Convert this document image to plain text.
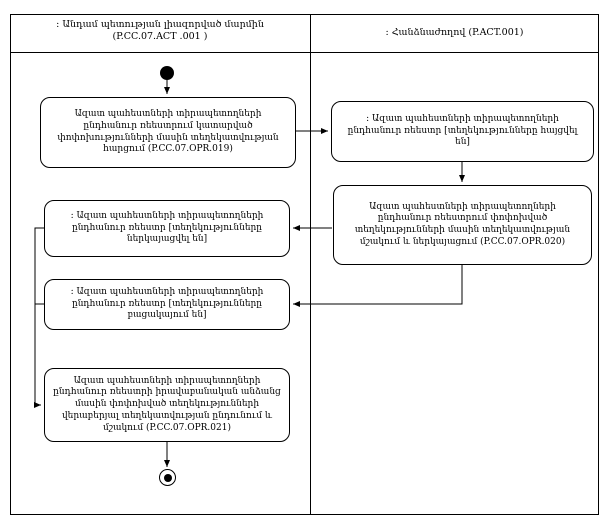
: Անդամ պետության լիազորված մարմին
(P.CC.07.ACT .001 )	: Հանձնաժողով (P.ACT.001)
Ազատ պահեստների տիրապետողների ընդհանուր ռեեստրում կատարված փոփոխությունների մասին տեղեկատվության հարցում (P.CC.07.OPR.019)
: Ազատ պահեստների տիրապետողների ընդհանուր ռեեստր [տեղեկությունները ներկայացվել են]
: Ազատ պահեստների տիրապետողների ընդհանուր ռեեստր [տեղեկությունները բացակայում են]
Ազատ պահեստների տիրապետողների ընդհանուր ռեեստրի իրավաբանական անձանց մասին փոփոխված տեղեկությունների վերաբերյալ տեղեկատվության ընդունում և մշակում (P.CC.07.OPR.021)
: Ազատ պահեստների տիրապետողների ընդհանուր ռեեստր [տեղեկությունները հայցվել են]
Ազատ պահեստների տիրապետողների ընդհանուր ռեեստրում փոփոխված տեղեկությունների մասին տեղեկատվության մշակում և ներկայացում (P.CC.07.OPR.020)
